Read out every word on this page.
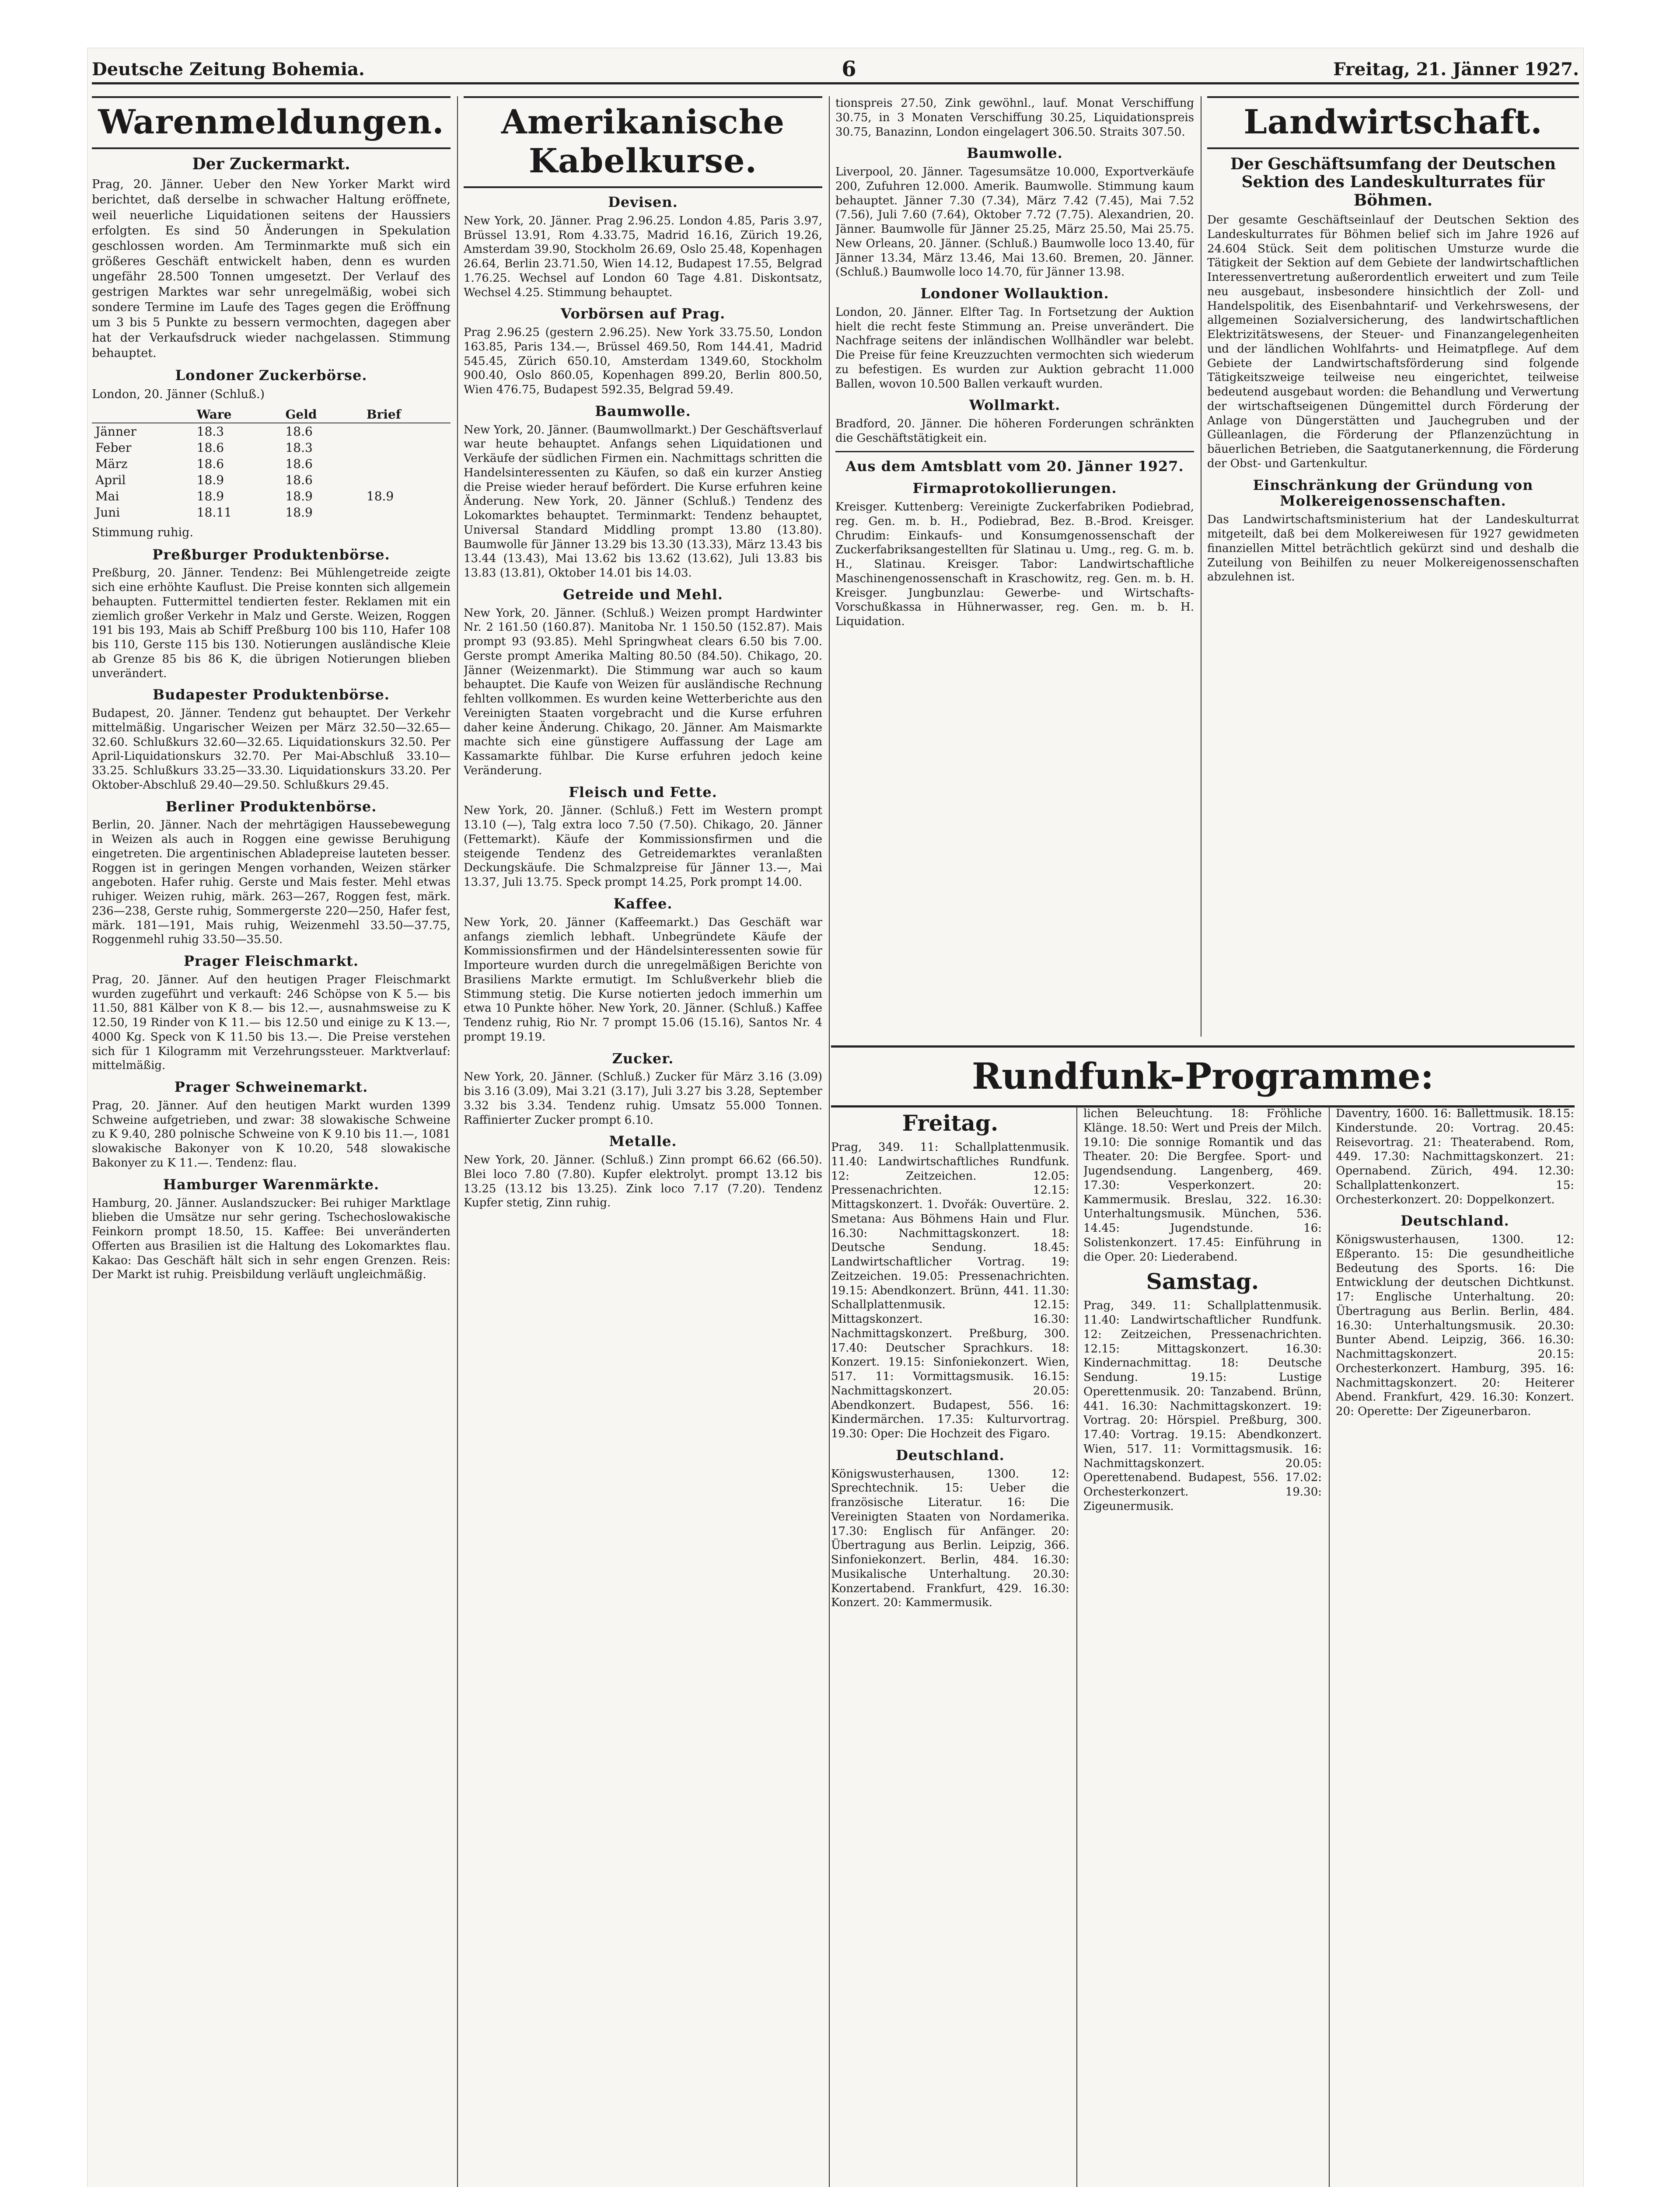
Deutsche Zeitung Bohemia.	6	Freitag, 21. Jänner 1927.
Warenmeldungen.
Der Zuckermarkt.

Prag, 20. Jänner. Ueber den New Yorker Markt wird berichtet, daß derselbe in schwacher Haltung eröffnete, weil neuerliche Liquidationen seitens der Haussiers erfolgten. Es sind 50 Änderungen in Spekulation geschlossen worden. Am Terminmarkte muß sich ein größeres Geschäft entwickelt haben, denn es wurden ungefähr 28.500 Tonnen umgesetzt. Der Verlauf des gestrigen Marktes war sehr unregelmäßig, wobei sich sondere Termine im Laufe des Tages gegen die Eröffnung um 3 bis 5 Punkte zu bessern vermochten, dagegen aber hat der Verkaufsdruck wieder nachgelassen. Stimmung behauptet.

Londoner Zuckerbörse.

London, 20. Jänner (Schluß.)

	Ware	Geld	Brief
Jänner	18.3	18.6	
Feber	18.6	18.3	
März	18.6	18.6	
April	18.9	18.6	
Mai	18.9	18.9	18.9
Juni	18.11	18.9	

Stimmung ruhig.

Preßburger Produktenbörse.

Preßburg, 20. Jänner. Tendenz: Bei Mühlengetreide zeigte sich eine erhöhte Kauflust. Die Preise konnten sich allgemein behaupten. Futtermittel tendierten fester. Reklamen mit ein ziemlich großer Verkehr in Malz und Gerste. Weizen, Roggen 191 bis 193, Mais ab Schiff Preßburg 100 bis 110, Hafer 108 bis 110, Gerste 115 bis 130. Notierungen ausländische Kleie ab Grenze 85 bis 86 K, die übrigen Notierungen blieben unverändert.

Budapester Produktenbörse.

Budapest, 20. Jänner. Tendenz gut behauptet. Der Verkehr mittelmäßig. Ungarischer Weizen per März 32.50—32.65—32.60. Schlußkurs 32.60—32.65. Liquidationskurs 32.50. Per April-Liquidationskurs 32.70. Per Mai-Abschluß 33.10—33.25. Schlußkurs 33.25—33.30. Liquidationskurs 33.20. Per Oktober-Abschluß 29.40—29.50. Schlußkurs 29.45.

Berliner Produktenbörse.

Berlin, 20. Jänner. Nach der mehrtägigen Haussebewegung in Weizen als auch in Roggen eine gewisse Beruhigung eingetreten. Die argentinischen Abladepreise lauteten besser. Roggen ist in geringen Mengen vorhanden, Weizen stärker angeboten. Hafer ruhig. Gerste und Mais fester. Mehl etwas ruhiger. Weizen ruhig, märk. 263—267, Roggen fest, märk. 236—238, Gerste ruhig, Sommergerste 220—250, Hafer fest, märk. 181—191, Mais ruhig, Weizenmehl 33.50—37.75, Roggenmehl ruhig 33.50—35.50.

Prager Fleischmarkt.

Prag, 20. Jänner. Auf den heutigen Prager Fleischmarkt wurden zugeführt und verkauft: 246 Schöpse von K 5.— bis 11.50, 881 Kälber von K 8.— bis 12.—, ausnahmsweise zu K 12.50, 19 Rinder von K 11.— bis 12.50 und einige zu K 13.—, 4000 Kg. Speck von K 11.50 bis 13.—. Die Preise verstehen sich für 1 Kilogramm mit Verzehrungssteuer. Marktverlauf: mittelmäßig.

Prager Schweinemarkt.

Prag, 20. Jänner. Auf den heutigen Markt wurden 1399 Schweine aufgetrieben, und zwar: 38 slowakische Schweine zu K 9.40, 280 polnische Schweine von K 9.10 bis 11.—, 1081 slowakische Bakonyer von K 10.20, 548 slowakische Bakonyer zu K 11.—. Tendenz: flau.

Hamburger Warenmärkte.

Hamburg, 20. Jänner. Auslandszucker: Bei ruhiger Marktlage blieben die Umsätze nur sehr gering. Tschechoslowakische Feinkorn prompt 18.50, 15. Kaffee: Bei unveränderten Offerten aus Brasilien ist die Haltung des Lokomarktes flau. Kakao: Das Geschäft hält sich in sehr engen Grenzen. Reis: Der Markt ist ruhig. Preisbildung verläuft ungleichmäßig.

Amerikanische Kabelkurse.
Devisen.

New York, 20. Jänner. Prag 2.96.25. London 4.85, Paris 3.97, Brüssel 13.91, Rom 4.33.75, Madrid 16.16, Zürich 19.26, Amsterdam 39.90, Stockholm 26.69, Oslo 25.48, Kopenhagen 26.64, Berlin 23.71.50, Wien 14.12, Budapest 17.55, Belgrad 1.76.25. Wechsel auf London 60 Tage 4.81. Diskontsatz, Wechsel 4.25. Stimmung behauptet.

Vorbörsen auf Prag.

Prag 2.96.25 (gestern 2.96.25). New York 33.75.50, London 163.85, Paris 134.—, Brüssel 469.50, Rom 144.41, Madrid 545.45, Zürich 650.10, Amsterdam 1349.60, Stockholm 900.40, Oslo 860.05, Kopenhagen 899.20, Berlin 800.50, Wien 476.75, Budapest 592.35, Belgrad 59.49.

Baumwolle.

New York, 20. Jänner. (Baumwollmarkt.) Der Geschäftsverlauf war heute behauptet. Anfangs sehen Liquidationen und Verkäufe der südlichen Firmen ein. Nachmittags schritten die Handelsinteressenten zu Käufen, so daß ein kurzer Anstieg die Preise wieder herauf befördert. Die Kurse erfuhren keine Änderung. New York, 20. Jänner (Schluß.) Tendenz des Lokomarktes behauptet. Terminmarkt: Tendenz behauptet, Universal Standard Middling prompt 13.80 (13.80). Baumwolle für Jänner 13.29 bis 13.30 (13.33), März 13.43 bis 13.44 (13.43), Mai 13.62 bis 13.62 (13.62), Juli 13.83 bis 13.83 (13.81), Oktober 14.01 bis 14.03.

Getreide und Mehl.

New York, 20. Jänner. (Schluß.) Weizen prompt Hardwinter Nr. 2 161.50 (160.87). Manitoba Nr. 1 150.50 (152.87). Mais prompt 93 (93.85). Mehl Springwheat clears 6.50 bis 7.00. Gerste prompt Amerika Malting 80.50 (84.50). Chikago, 20. Jänner (Weizenmarkt). Die Stimmung war auch so kaum behauptet. Die Kaufe von Weizen für ausländische Rechnung fehlten vollkommen. Es wurden keine Wetterberichte aus den Vereinigten Staaten vorgebracht und die Kurse erfuhren daher keine Änderung. Chikago, 20. Jänner. Am Maismarkte machte sich eine günstigere Auffassung der Lage am Kassamarkte fühlbar. Die Kurse erfuhren jedoch keine Veränderung.

Fleisch und Fette.

New York, 20. Jänner. (Schluß.) Fett im Western prompt 13.10 (—), Talg extra loco 7.50 (7.50). Chikago, 20. Jänner (Fettemarkt). Käufe der Kommissionsfirmen und die steigende Tendenz des Getreidemarktes veranlaßten Deckungskäufe. Die Schmalzpreise für Jänner 13.—, Mai 13.37, Juli 13.75. Speck prompt 14.25, Pork prompt 14.00.

Kaffee.

New York, 20. Jänner (Kaffeemarkt.) Das Geschäft war anfangs ziemlich lebhaft. Unbegründete Käufe der Kommissionsfirmen und der Händelsinteressenten sowie für Importeure wurden durch die unregelmäßigen Berichte von Brasiliens Markte ermutigt. Im Schlußverkehr blieb die Stimmung stetig. Die Kurse notierten jedoch immerhin um etwa 10 Punkte höher. New York, 20. Jänner. (Schluß.) Kaffee Tendenz ruhig, Rio Nr. 7 prompt 15.06 (15.16), Santos Nr. 4 prompt 19.19.

Zucker.

New York, 20. Jänner. (Schluß.) Zucker für März 3.16 (3.09) bis 3.16 (3.09), Mai 3.21 (3.17), Juli 3.27 bis 3.28, September 3.32 bis 3.34. Tendenz ruhig. Umsatz 55.000 Tonnen. Raffinierter Zucker prompt 6.10.

Metalle.

New York, 20. Jänner. (Schluß.) Zinn prompt 66.62 (66.50). Blei loco 7.80 (7.80). Kupfer elektrolyt. prompt 13.12 bis 13.25 (13.12 bis 13.25). Zink loco 7.17 (7.20). Tendenz Kupfer stetig, Zinn ruhig.

tionspreis 27.50, Zink gewöhnl., lauf. Monat Verschiffung 30.75, in 3 Monaten Verschiffung 30.25, Liquidationspreis 30.75, Banazinn, London eingelagert 306.50. Straits 307.50.

Baumwolle.

Liverpool, 20. Jänner. Tagesumsätze 10.000, Exportverkäufe 200, Zufuhren 12.000. Amerik. Baumwolle. Stimmung kaum behauptet. Jänner 7.30 (7.34), März 7.42 (7.45), Mai 7.52 (7.56), Juli 7.60 (7.64), Oktober 7.72 (7.75). Alexandrien, 20. Jänner. Baumwolle für Jänner 25.25, März 25.50, Mai 25.75. New Orleans, 20. Jänner. (Schluß.) Baumwolle loco 13.40, für Jänner 13.34, März 13.46, Mai 13.60. Bremen, 20. Jänner. (Schluß.) Baumwolle loco 14.70, für Jänner 13.98.

Londoner Wollauktion.

London, 20. Jänner. Elfter Tag. In Fortsetzung der Auktion hielt die recht feste Stimmung an. Preise unverändert. Die Nachfrage seitens der inländischen Wollhändler war belebt. Die Preise für feine Kreuzzuchten vermochten sich wiederum zu befestigen. Es wurden zur Auktion gebracht 11.000 Ballen, wovon 10.500 Ballen verkauft wurden.

Wollmarkt.

Bradford, 20. Jänner. Die höheren Forderungen schränkten die Geschäftstätigkeit ein.

Aus dem Amtsblatt vom 20. Jänner 1927.
Firmaprotokollierungen.

Kreisger. Kuttenberg: Vereinigte Zuckerfabriken Podiebrad, reg. Gen. m. b. H., Podiebrad, Bez. B.-Brod. Kreisger. Chrudim: Einkaufs- und Konsumgenossenschaft der Zuckerfabriksangestellten für Slatinau u. Umg., reg. G. m. b. H., Slatinau. Kreisger. Tabor: Landwirtschaftliche Maschinengenossenschaft in Kraschowitz, reg. Gen. m. b. H. Kreisger. Jungbunzlau: Gewerbe- und Wirtschafts-Vorschußkassa in Hühnerwasser, reg. Gen. m. b. H. Liquidation.

Landwirtschaft.
Der Geschäftsumfang der Deutschen Sektion des Landeskulturrates für Böhmen.

Der gesamte Geschäftseinlauf der Deutschen Sektion des Landeskulturrates für Böhmen belief sich im Jahre 1926 auf 24.604 Stück. Seit dem politischen Umsturze wurde die Tätigkeit der Sektion auf dem Gebiete der landwirtschaftlichen Interessenvertretung außerordentlich erweitert und zum Teile neu ausgebaut, insbesondere hinsichtlich der Zoll- und Handelspolitik, des Eisenbahntarif- und Verkehrswesens, der allgemeinen Sozialversicherung, des landwirtschaftlichen Elektrizitätswesens, der Steuer- und Finanzangelegenheiten und der ländlichen Wohlfahrts- und Heimatpflege. Auf dem Gebiete der Landwirtschaftsförderung sind folgende Tätigkeitszweige teilweise neu eingerichtet, teilweise bedeutend ausgebaut worden: die Behandlung und Verwertung der wirtschaftseigenen Düngemittel durch Förderung der Anlage von Düngerstätten und Jauchegruben und der Gülleanlagen, die Förderung der Pflanzenzüchtung in bäuerlichen Betrieben, die Saatgutanerkennung, die Förderung der Obst- und Gartenkultur.

Einschränkung der Gründung von Molkereigenossenschaften.

Das Landwirtschaftsministerium hat der Landeskulturrat mitgeteilt, daß bei dem Molkereiwesen für 1927 gewidmeten finanziellen Mittel beträchtlich gekürzt sind und deshalb die Zuteilung von Beihilfen zu neuer Molkereigenossenschaften abzulehnen ist.

Rundfunk-Programme:
Freitag.

Prag, 349. 11: Schallplattenmusik. 11.40: Landwirtschaftliches Rundfunk. 12: Zeitzeichen. 12.05: Pressenachrichten. 12.15: Mittagskonzert. 1. Dvořák: Ouvertüre. 2. Smetana: Aus Böhmens Hain und Flur. 16.30: Nachmittagskonzert. 18: Deutsche Sendung. 18.45: Landwirtschaftlicher Vortrag. 19: Zeitzeichen. 19.05: Pressenachrichten. 19.15: Abendkonzert. Brünn, 441. 11.30: Schallplattenmusik. 12.15: Mittagskonzert. 16.30: Nachmittagskonzert. Preßburg, 300. 17.40: Deutscher Sprachkurs. 18: Konzert. 19.15: Sinfoniekonzert. Wien, 517. 11: Vormittagsmusik. 16.15: Nachmittagskonzert. 20.05: Abendkonzert. Budapest, 556. 16: Kindermärchen. 17.35: Kulturvortrag. 19.30: Oper: Die Hochzeit des Figaro.

Deutschland.

Königswusterhausen, 1300. 12: Sprechtechnik. 15: Ueber die französische Literatur. 16: Die Vereinigten Staaten von Nordamerika. 17.30: Englisch für Anfänger. 20: Übertragung aus Berlin. Leipzig, 366. Sinfoniekonzert. Berlin, 484. 16.30: Musikalische Unterhaltung. 20.30: Konzertabend. Frankfurt, 429. 16.30: Konzert. 20: Kammermusik.

lichen Beleuchtung. 18: Fröhliche Klänge. 18.50: Wert und Preis der Milch. 19.10: Die sonnige Romantik und das Theater. 20: Die Bergfee. Sport- und Jugendsendung. Langenberg, 469. 17.30: Vesperkonzert. 20: Kammermusik. Breslau, 322. 16.30: Unterhaltungsmusik. München, 536. 14.45: Jugendstunde. 16: Solistenkonzert. 17.45: Einführung in die Oper. 20: Liederabend.

Samstag.

Prag, 349. 11: Schallplattenmusik. 11.40: Landwirtschaftlicher Rundfunk. 12: Zeitzeichen, Pressenachrichten. 12.15: Mittagskonzert. 16.30: Kindernachmittag. 18: Deutsche Sendung. 19.15: Lustige Operettenmusik. 20: Tanzabend. Brünn, 441. 16.30: Nachmittagskonzert. 19: Vortrag. 20: Hörspiel. Preßburg, 300. 17.40: Vortrag. 19.15: Abendkonzert. Wien, 517. 11: Vormittagsmusik. 16: Nachmittagskonzert. 20.05: Operettenabend. Budapest, 556. 17.02: Orchesterkonzert. 19.30: Zigeunermusik.

Daventry, 1600. 16: Ballettmusik. 18.15: Kinderstunde. 20: Vortrag. 20.45: Reisevortrag. 21: Theaterabend. Rom, 449. 17.30: Nachmittagskonzert. 21: Opernabend. Zürich, 494. 12.30: Schallplattenkonzert. 15: Orchesterkonzert. 20: Doppelkonzert.

Deutschland.

Königswusterhausen, 1300. 12: Eßperanto. 15: Die gesundheitliche Bedeutung des Sports. 16: Die Entwicklung der deutschen Dichtkunst. 17: Englische Unterhaltung. 20: Übertragung aus Berlin. Berlin, 484. 16.30: Unterhaltungsmusik. 20.30: Bunter Abend. Leipzig, 366. 16.30: Nachmittagskonzert. 20.15: Orchesterkonzert. Hamburg, 395. 16: Nachmittagskonzert. 20: Heiterer Abend. Frankfurt, 429. 16.30: Konzert. 20: Operette: Der Zigeunerbaron.
